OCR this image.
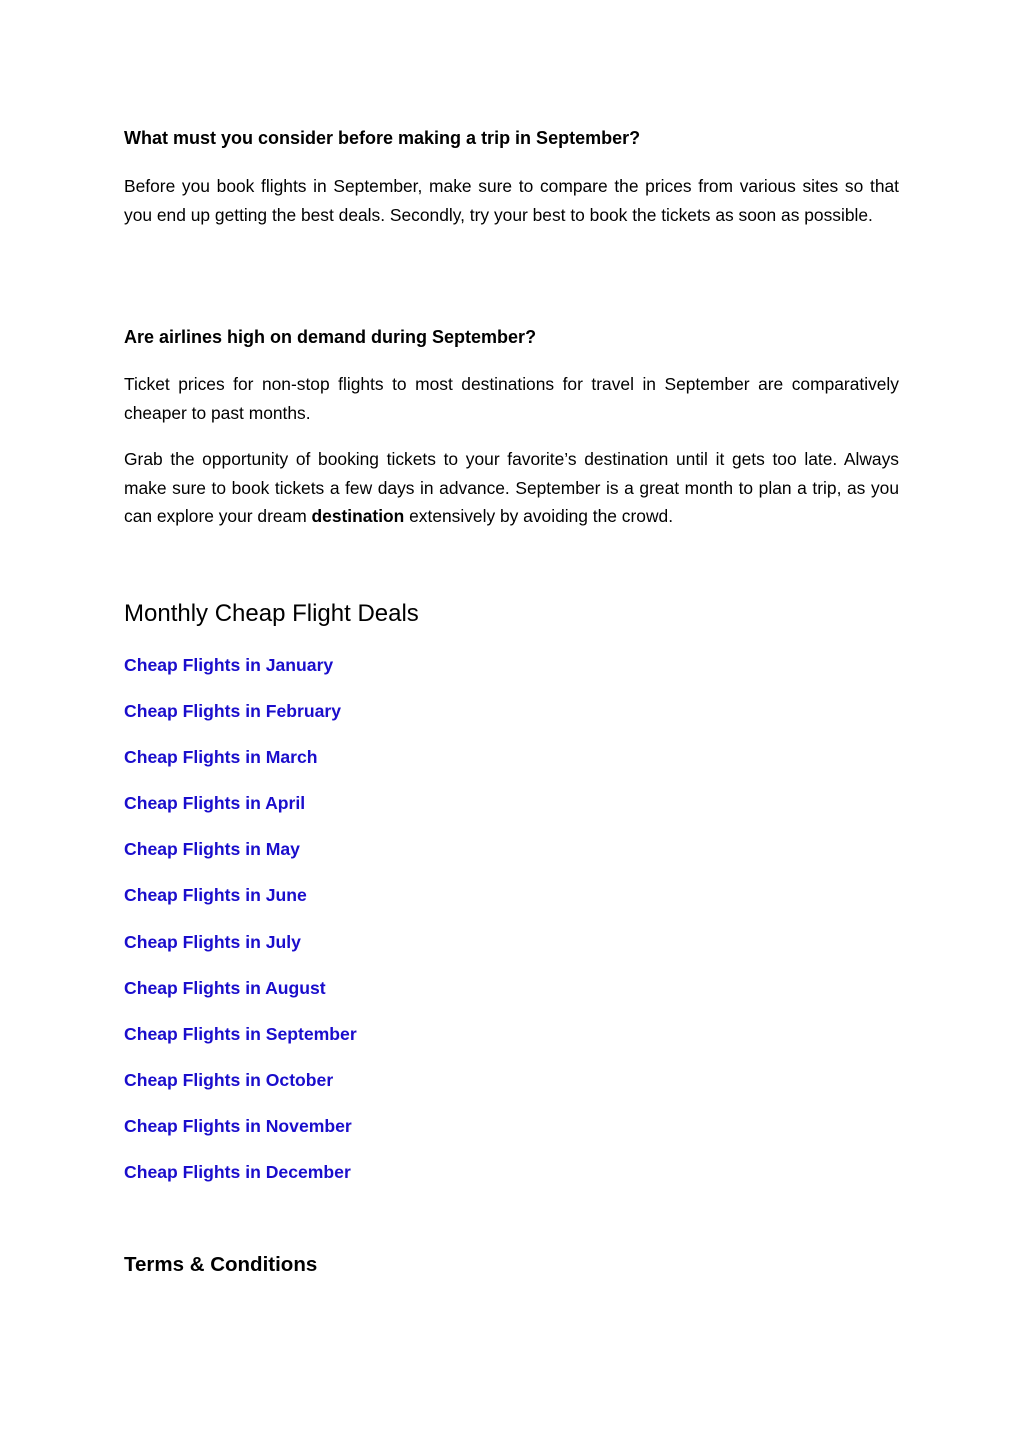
What must you consider before making a trip in September?

Before you book flights in September, make sure to compare the prices from various sites so that you end up getting the best deals. Secondly, try your best to book the tickets as soon as possible.

Are airlines high on demand during September?

Ticket prices for non-stop flights to most destinations for travel in September are comparatively cheaper to past months.

Grab the opportunity of booking tickets to your favorite’s destination until it gets too late. Always make sure to book tickets a few days in advance. September is a great month to plan a trip, as you can explore your dream destination extensively by avoiding the crowd.

Monthly Cheap Flight Deals
Cheap Flights in January
Cheap Flights in February
Cheap Flights in March
Cheap Flights in April
Cheap Flights in May
Cheap Flights in June
Cheap Flights in July
Cheap Flights in August
Cheap Flights in September
Cheap Flights in October
Cheap Flights in November
Cheap Flights in December
Terms & Conditions
